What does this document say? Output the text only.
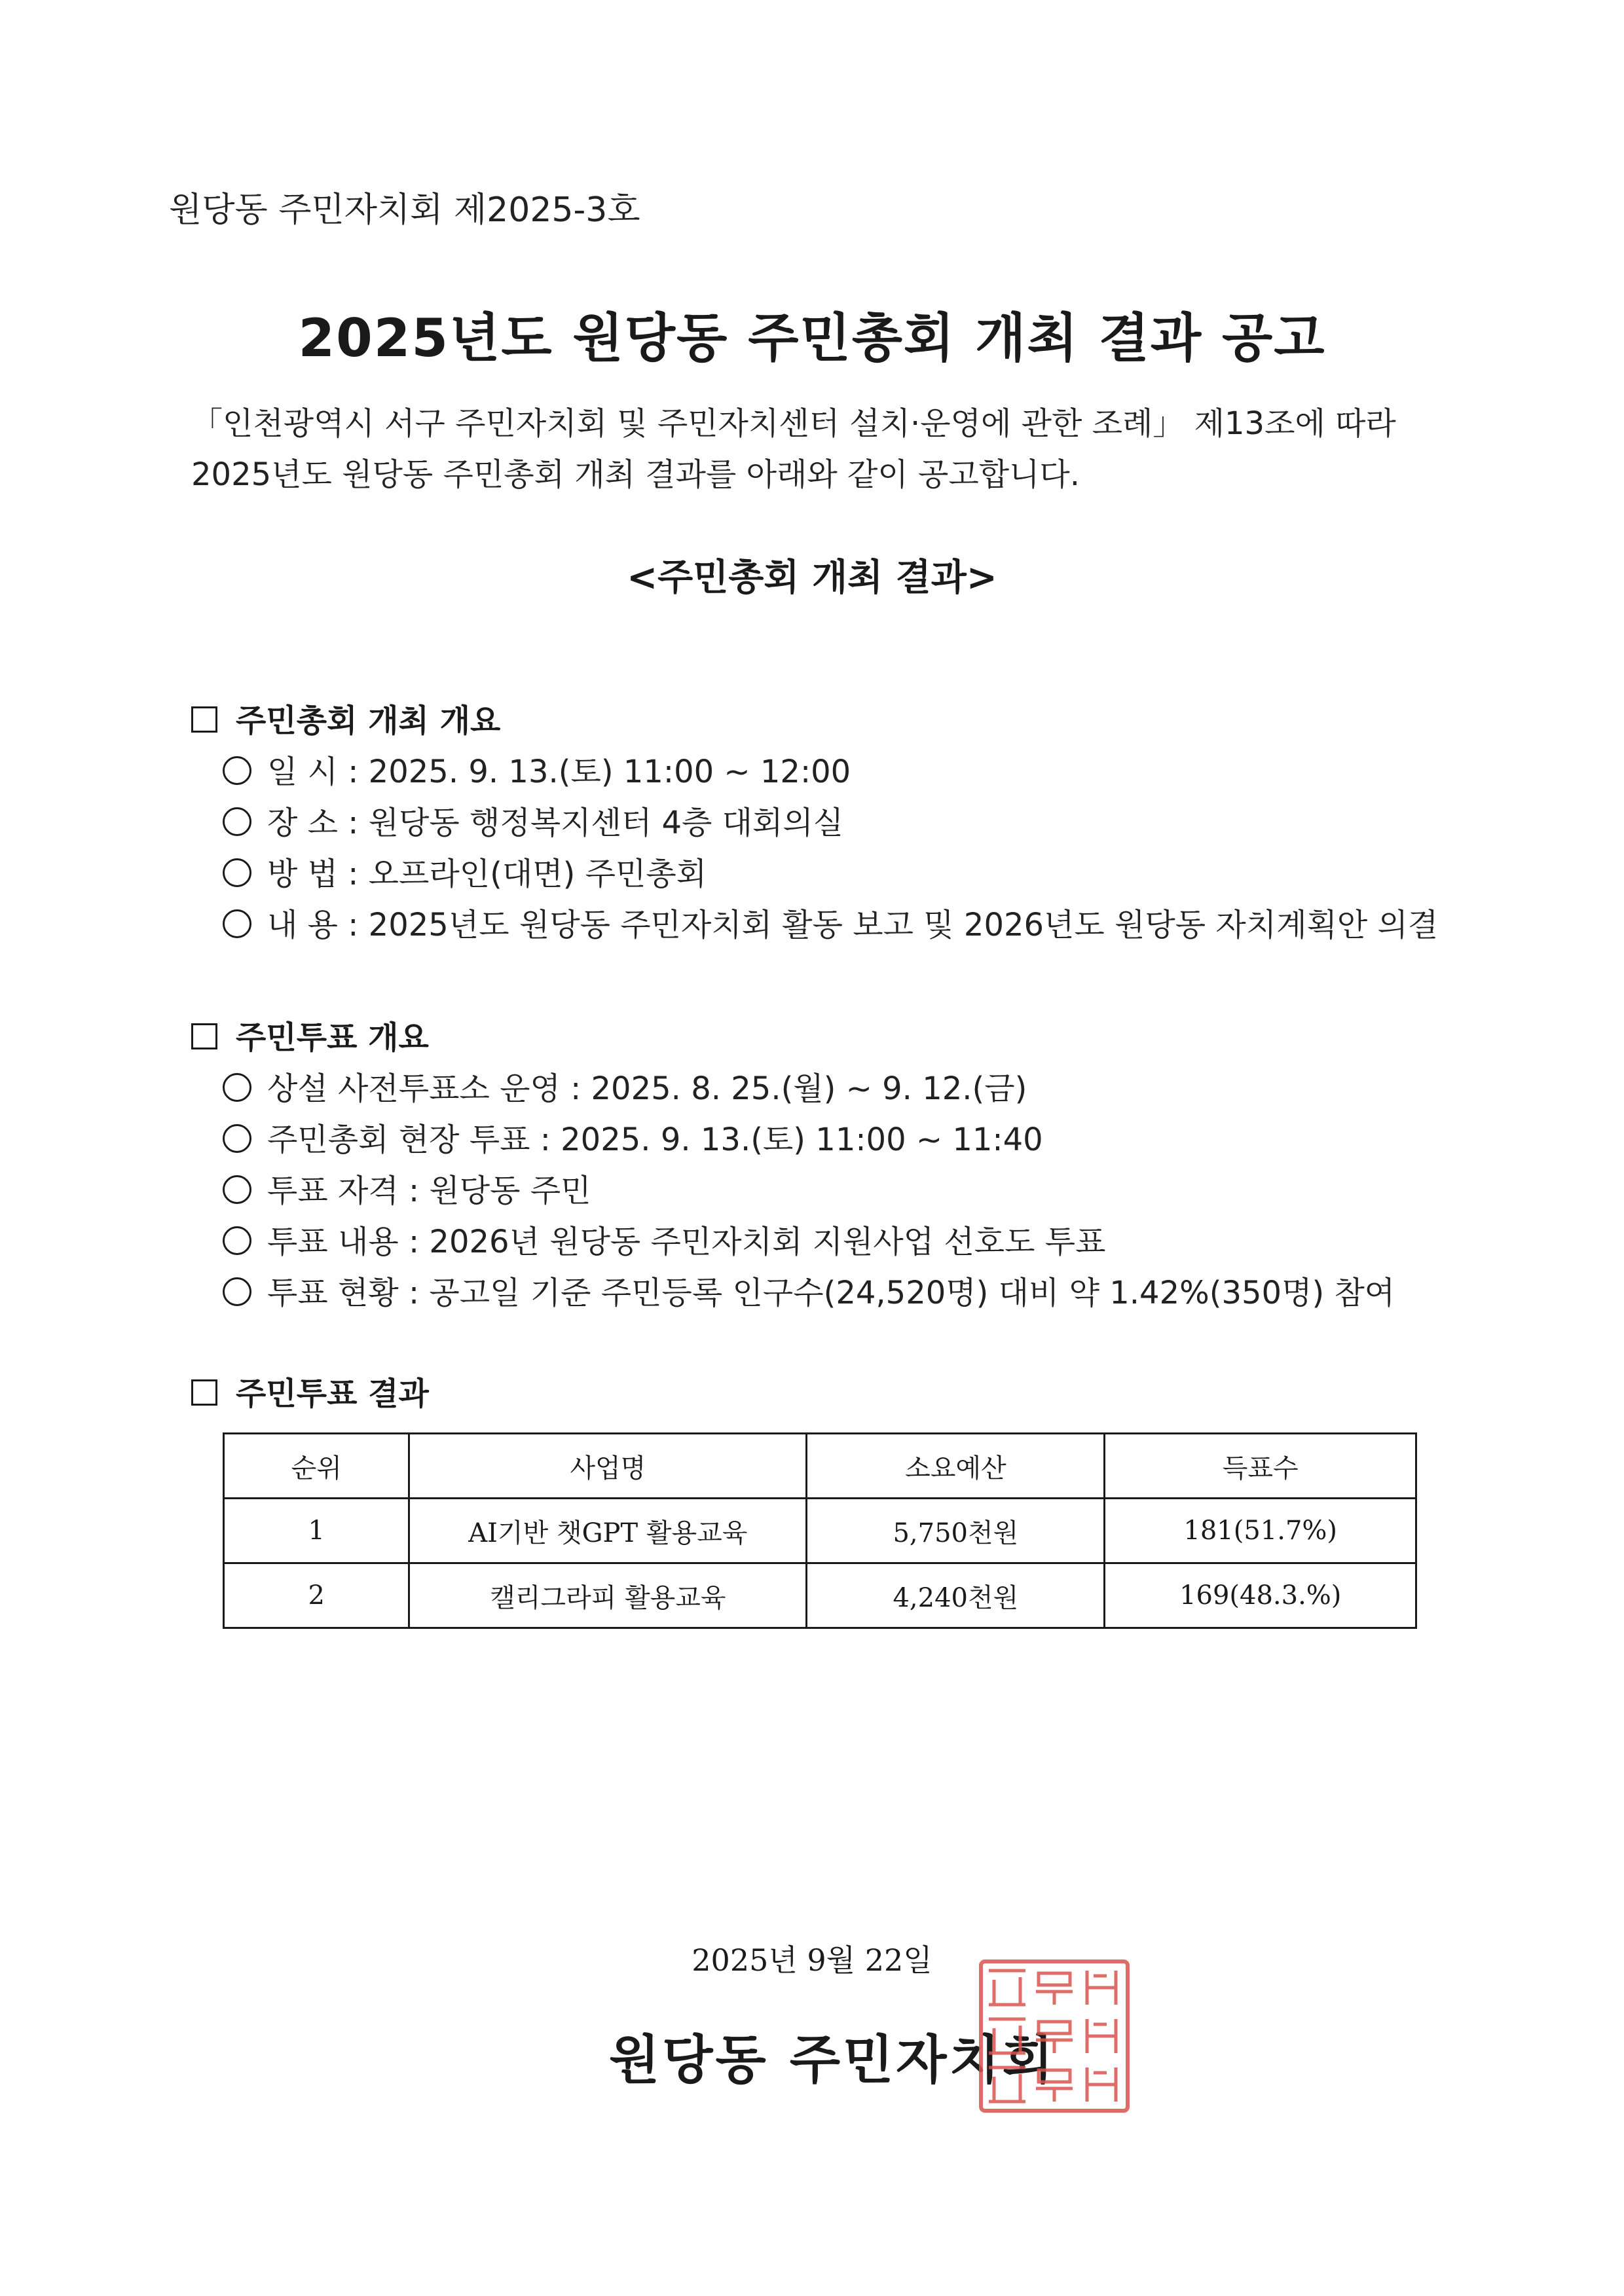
원당동 주민자치회 제2025-3호
2025년도 원당동 주민총회 개최 결과 공고
「인천광역시 서구 주민자치회 및 주민자치센터 설치·운영에 관한 조례」 제13조에 따라
2025년도 원당동 주민총회 개최 결과를 아래와 같이 공고합니다.
<주민총회 개최 결과>
주민총회 개최 개요
일 시 : 2025. 9. 13.(토) 11:00 ~ 12:00
장 소 : 원당동 행정복지센터 4층 대회의실
방 법 : 오프라인(대면) 주민총회
내 용 : 2025년도 원당동 주민자치회 활동 보고 및 2026년도 원당동 자치계획안 의결
주민투표 개요
상설 사전투표소 운영 : 2025. 8. 25.(월) ~ 9. 12.(금)
주민총회 현장 투표 : 2025. 9. 13.(토) 11:00 ~ 11:40
투표 자격 : 원당동 주민
투표 내용 : 2026년 원당동 주민자치회 지원사업 선호도 투표
투표 현황 : 공고일 기준 주민등록 인구수(24,520명) 대비 약 1.42%(350명) 참여
주민투표 결과
순위	사업명	소요예산	득표수
1	AI기반 챗GPT 활용교육	5,750천원	181(51.7%)
2	캘리그라피 활용교육	4,240천원	169(48.3.%)
2025년 9월 22일
원당동 주민자치회
